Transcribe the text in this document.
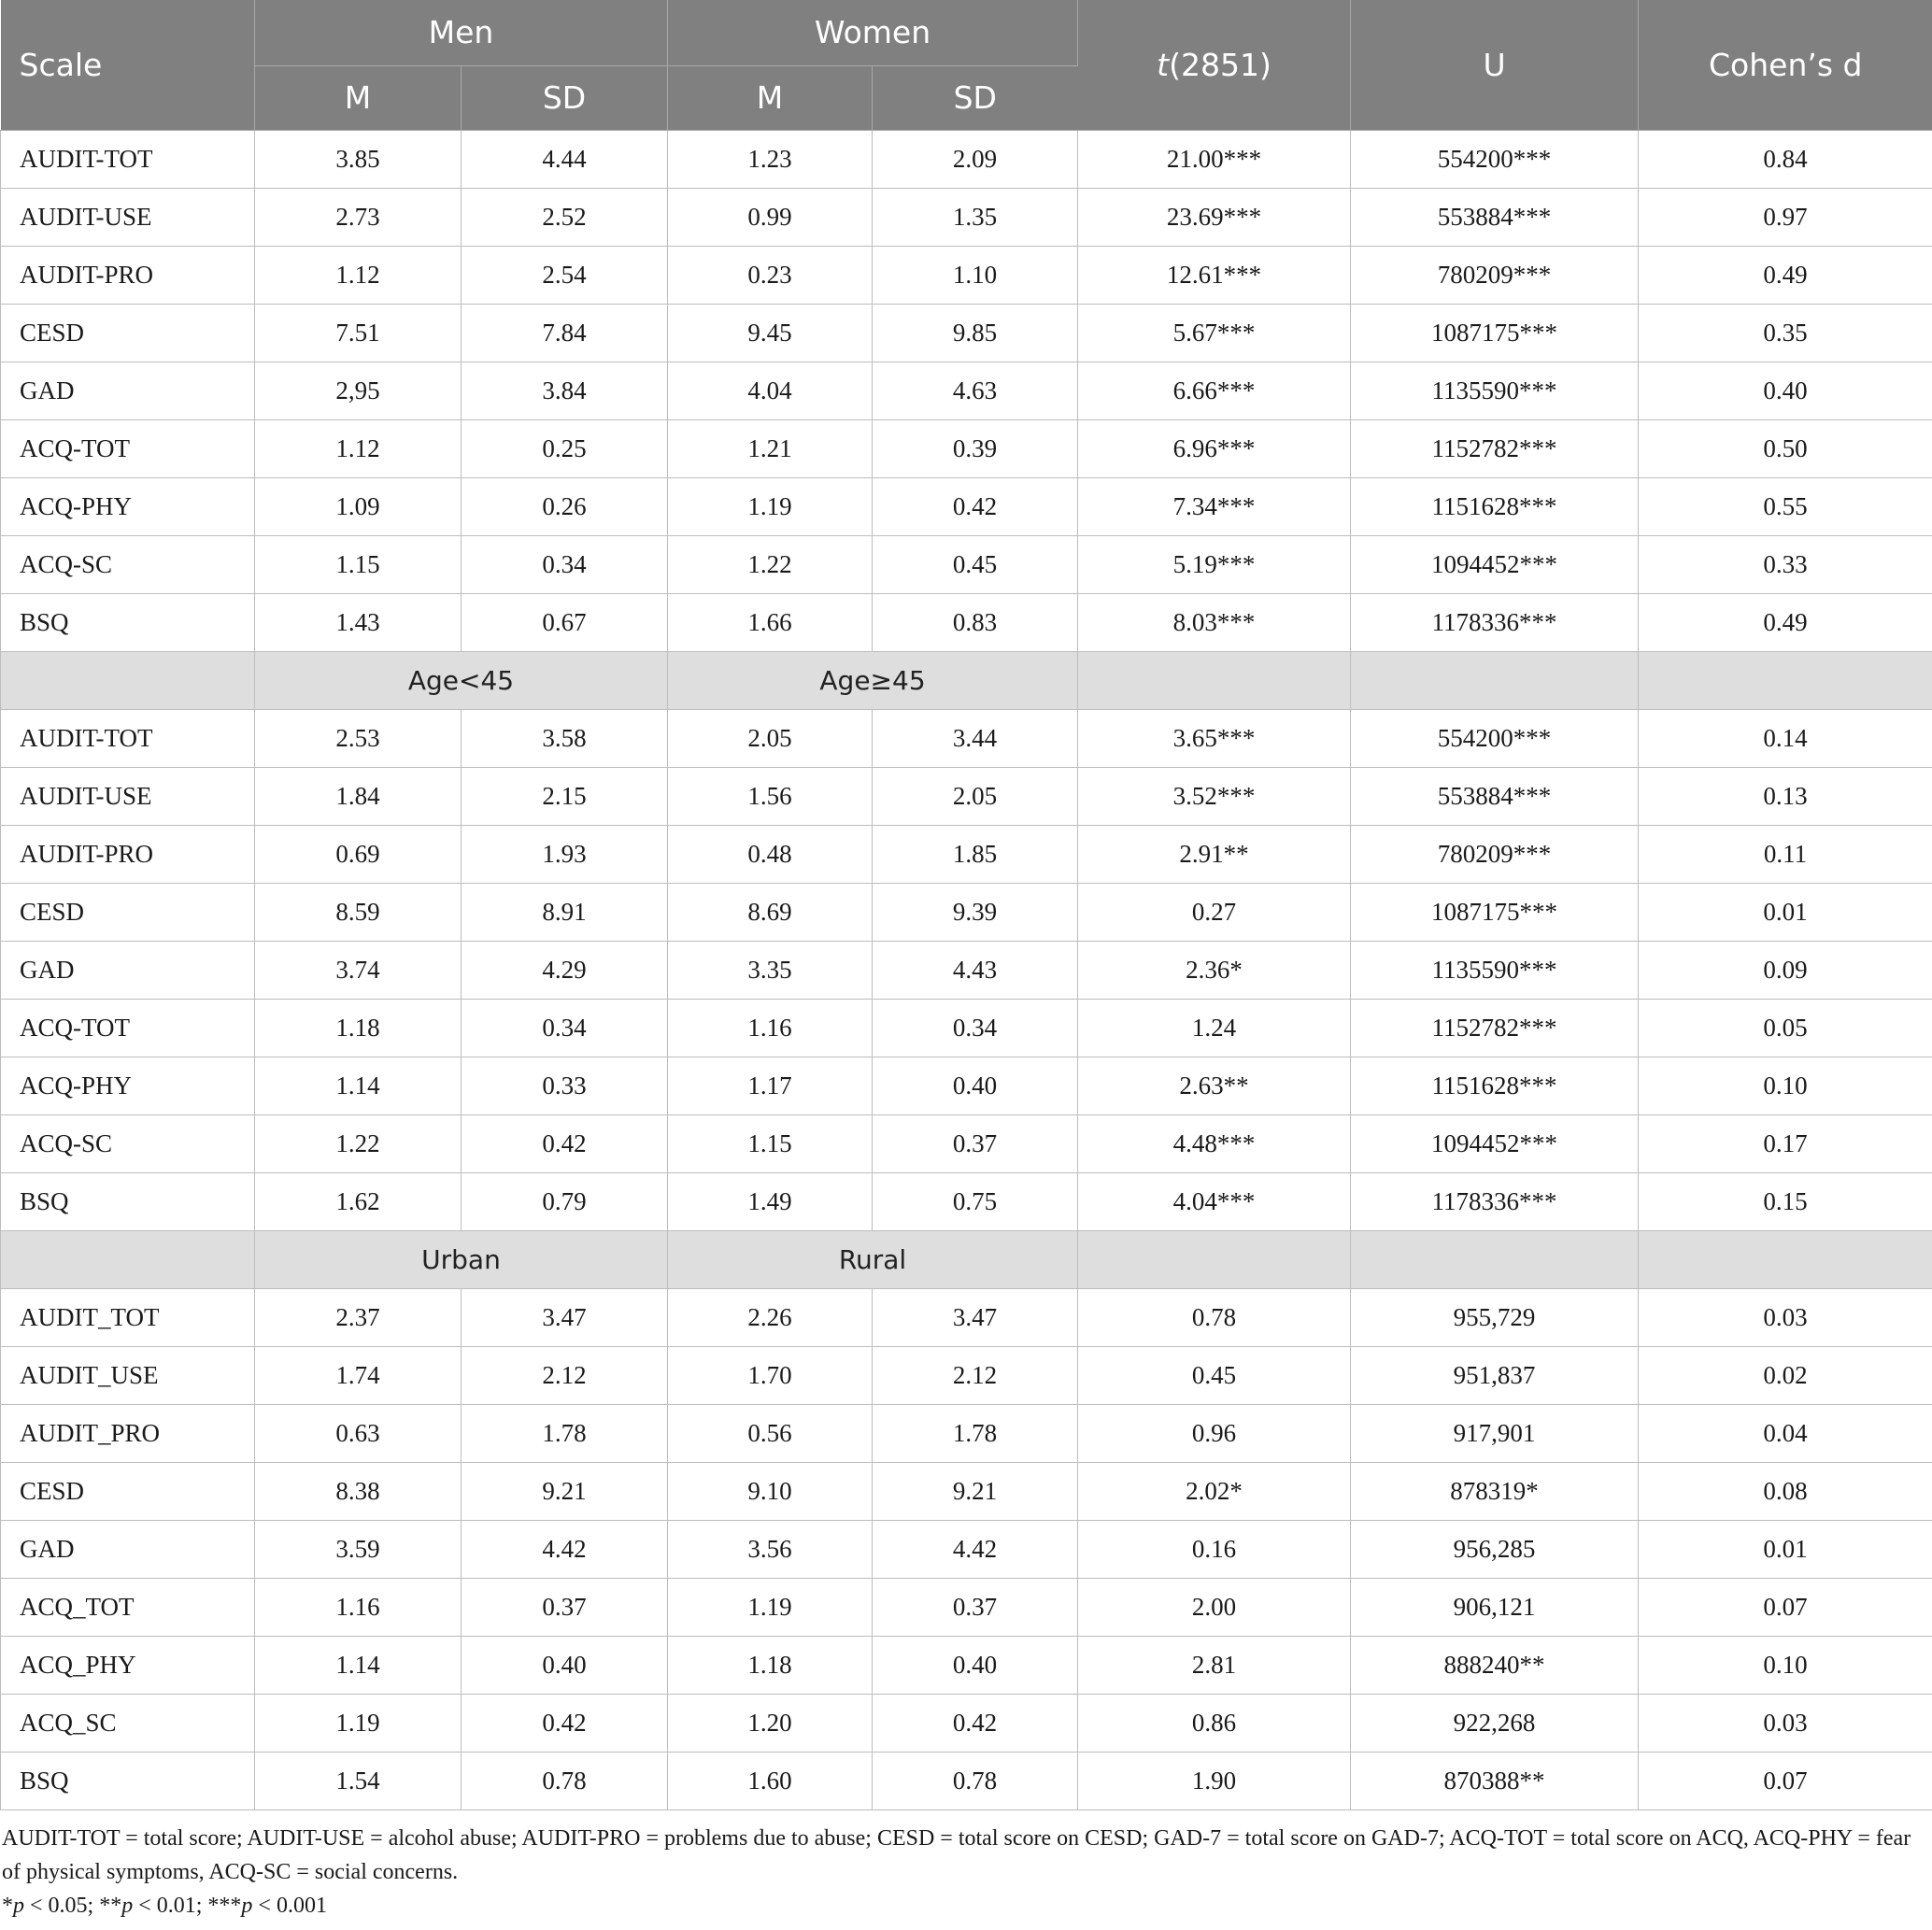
Scale	Men		Women		t(2851)	U	Cohen’s d
	M	SD	M	SD			
AUDIT-TOT	3.85	4.44	1.23	2.09	21.00***	554200***	0.84
AUDIT-USE	2.73	2.52	0.99	1.35	23.69***	553884***	0.97
AUDIT-PRO	1.12	2.54	0.23	1.10	12.61***	780209***	0.49
CESD	7.51	7.84	9.45	9.85	5.67***	1087175***	0.35
GAD	2,95	3.84	4.04	4.63	6.66***	1135590***	0.40
ACQ-TOT	1.12	0.25	1.21	0.39	6.96***	1152782***	0.50
ACQ-PHY	1.09	0.26	1.19	0.42	7.34***	1151628***	0.55
ACQ-SC	1.15	0.34	1.22	0.45	5.19***	1094452***	0.33
BSQ	1.43	0.67	1.66	0.83	8.03***	1178336***	0.49
	Age<45		Age≥45				
AUDIT-TOT	2.53	3.58	2.05	3.44	3.65***	554200***	0.14
AUDIT-USE	1.84	2.15	1.56	2.05	3.52***	553884***	0.13
AUDIT-PRO	0.69	1.93	0.48	1.85	2.91**	780209***	0.11
CESD	8.59	8.91	8.69	9.39	0.27	1087175***	0.01
GAD	3.74	4.29	3.35	4.43	2.36*	1135590***	0.09
ACQ-TOT	1.18	0.34	1.16	0.34	1.24	1152782***	0.05
ACQ-PHY	1.14	0.33	1.17	0.40	2.63**	1151628***	0.10
ACQ-SC	1.22	0.42	1.15	0.37	4.48***	1094452***	0.17
BSQ	1.62	0.79	1.49	0.75	4.04***	1178336***	0.15
	Urban		Rural				
AUDIT_TOT	2.37	3.47	2.26	3.47	0.78	955,729	0.03
AUDIT_USE	1.74	2.12	1.70	2.12	0.45	951,837	0.02
AUDIT_PRO	0.63	1.78	0.56	1.78	0.96	917,901	0.04
CESD	8.38	9.21	9.10	9.21	2.02*	878319*	0.08
GAD	3.59	4.42	3.56	4.42	0.16	956,285	0.01
ACQ_TOT	1.16	0.37	1.19	0.37	2.00	906,121	0.07
ACQ_PHY	1.14	0.40	1.18	0.40	2.81	888240**	0.10
ACQ_SC	1.19	0.42	1.20	0.42	0.86	922,268	0.03
BSQ	1.54	0.78	1.60	0.78	1.90	870388**	0.07

AUDIT-TOT = total score; AUDIT-USE = alcohol abuse; AUDIT-PRO = problems due to abuse; CESD = total score on CESD; GAD-7 = total score on GAD-7; ACQ-TOT = total score on ACQ, ACQ-PHY = fear of physical symptoms, ACQ-SC = social concerns.

*p < 0.05; **p < 0.01; ***p < 0.001
